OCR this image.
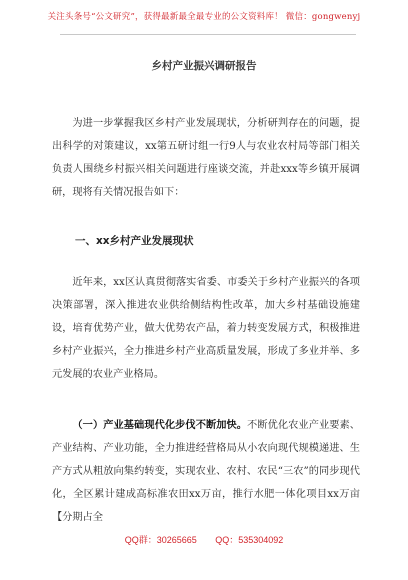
关注头条号“公文研究”，获得最新最全最专业的公文资料库！ 微信：gongwenyj
乡村产业振兴调研报告

为进一步掌握我区乡村产业发展现状，分析研判存在的问题，提出科学的对策建议，xx第五研讨组一行9人与农业农村局等部门相关负责人围绕乡村振兴相关问题进行座谈交流，并赴xxx等乡镇开展调研，现将有关情况报告如下：

一、xx乡村产业发展现状

近年来，xx区认真贯彻落实省委、市委关于乡村产业振兴的各项决策部署，深入推进农业供给侧结构性改革，加大乡村基础设施建设，培育优势产业，做大优势农产品，着力转变发展方式，积极推进乡村产业振兴，全力推进乡村产业高质量发展，形成了多业并举、多元发展的农业产业格局。

（一）产业基础现代化步伐不断加快。不断优化农业产业要素、产业结构、产业功能，全力推进经营格局从小农向现代规模递进、生产方式从粗放向集约转变，实现农业、农村、农民“三农”的同步现代化，全区累计建成高标准农田xx万亩，推行水肥一体化项目xx万亩【分期占全

QQ群：30265665 QQ：535304092
